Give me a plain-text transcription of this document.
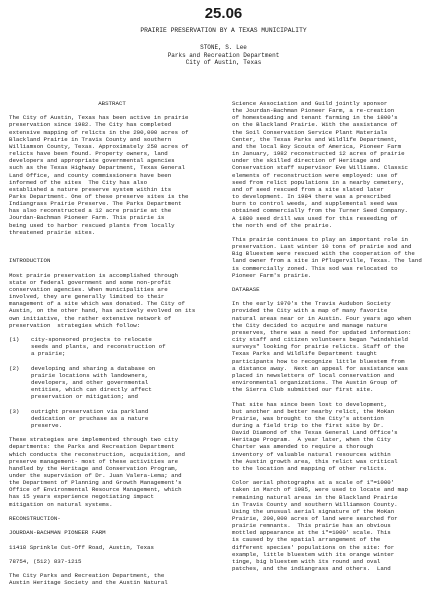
25.06
PRAIRIE PRESERVATION BY A TEXAS MUNICIPALITY
STONE, S. Lee
Parks and Recreation Department
City of Austin, Texas
ABSTRACT

The City of Austin, Texas has been active in prairie
preservation since 1982. The City has completed
extensive mapping of relicts in the 200,000 acres of
Blackland Prairie in Travis County and southern
Williamson County, Texas. Approximately 250 acres of
relicts have been found. Property owners, land
developers and appropriate governmental agencies
such as the Texas Highway Department, Texas General
Land Office, and county commissioners have been
informed of the sites  The City has also
established a nature preserve system within its
Parks Department. One of these preserve sites is the
Indiangrass Prairie Preserve. The Parks Department
has also reconstructed a 12 acre prairie at the
Jourdan-Bachman Pioneer Farm. This prairie is
being used to harbor rescued plants from locally
threatened prairie sites.

INTRODUCTION

Most prairie preservation is accomplished through
state or federal government and some non-profit
conservation agencies. When municipalities are
involved, they are generally limited to their
management of a site which was donated. The City of
Austin, on the other hand, has actively evolved on its
own initiative, the rather extensive network of
preservation  strategies which follow:

(1)	city-sponsored projects to relocate
seeds and plants, and reconstruction of
a prairie;
(2)	developing and sharing a database on
prairie locations with landowners,
developers, and other governmental
entities, which can directly affect
preservation or mitigation; and
(3)	outright preservation via parkland
dedication or pruchase as a nature
preserve.

These strategies are implemented through two city
departments: the Parks and Recreation Department
which conducts the reconstruction, acquisition, and
preserve management- most of these activities are
handled by the Heritage and Conservation Program,
under the supervision of Dr. Juan Valera-Lema; and
the Department of Planning and Growth Management's
Office of Environmental Resource Management, which
has 15 years experience negotiating impact
mitigation on natural systems.

RECONSTRUCTION-
JOURDAN-BACHMAN PIONEER FARM
11418 Sprinkle Cut-Off Road, Austin, Texas
78754, (512) 837-1215

The City Parks and Recreation Department, the
Austin Heritage Society and the Austin Natural

Science Association and Guild jointly sponsor
the Jourdan-Bachman Pioneer Farm, a re-creation
of homesteading and tenant farming in the 1800's
on the Blackland Prairie. With the assistance of
the Soil Conservation Service Plant Materials
Center, the Texas Parks and Wildlife Department,
and the local Boy Scouts of America, Pioneer Farm
in January, 1982 reconstructed 12 acres of prairie
under the skilled direction of Heritage and
Conservation staff supervisor Eve Williams. Classic
elements of reconstruction were employed: use of
seed from relict populations in a nearby cemetery,
and of seed rescued from a site slated later
to development. In 1984 there was a prescribed
burn to control weeds, and supplemental seed was
obtained commercially from the Turner Seed Company.
A 1880 seed drill was used for this reseeding of
the north end of the prairie.

This prairie continues to play an important role in
preservation. Last winter 10 tons of prairie sod and
Big Bluestem were rescued with the cooperation of the
land owner from a site in Pflugerville, Texas. The land
is commercially zoned. This sod was relocated to
Pioneer Farm's prairie.

DATABASE

In the early 1970's the Travis Audubon Society
provided the City with a map of many favorite
natural areas near or in Austin. Four years ago when
the City decided to acquire and manage nature
preserves, there was a need for updated information:
city staff and citizen volunteers began "windshield
surveys" looking for prairie relicts. Staff of the
Texas Parks and Wildlife Department taught
participants how to recognize little bluestem from
a distance away.  Next an appeal for assistance was
placed in newsletters of local conservation and
environmental organizations. The Austin Group of
the Sierra Club submitted our first site.

That site has since been lost to development,
but another and better nearby relict, the MoKan
Prairie, was brought to the City's attention
during a field trip to the first site by Dr.
David Diamond of the Texas General Land Office's
Heritage Program.  A year later, when the City
Charter was amended to require a thorough
inventory of valuable natural resources within
the Austin growth area, this relict was critical
to the location and mapping of other relicts.

Color aerial photographs at a scale of 1"=1000'
taken in March of 1985, were used to locate and map
remaining natural areas in the Blackland Prairie
in Travis County and southern Williamson County.
Using the unusual aerial signature of the MoKan
Prairie, 200,000 acres of land were searched for
prairie remnants.  This prairie has an obvious
mottled appearance at the 1"=1000' scale. This
is caused by the spatial arrangement of the
different species' populations on the site: for
example, little bluestem with its orange winter
tinge, big bluestem with its round and oval
patches, and the indiangrass and others.  Land
